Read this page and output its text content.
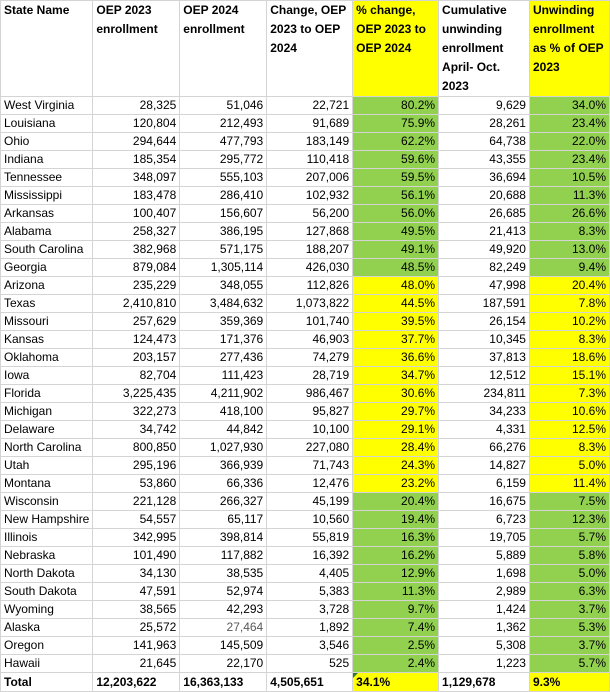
State Name	OEP 2023 enrollment	OEP 2024 enrollment	Change, OEP 2023 to OEP 2024	% change, OEP 2023 to OEP 2024	Cumulative unwinding enrollment April- Oct. 2023	Unwinding enrollment as % of OEP 2023
West Virginia	28,325	51,046	22,721	80.2%	9,629	34.0%
Louisiana	120,804	212,493	91,689	75.9%	28,261	23.4%
Ohio	294,644	477,793	183,149	62.2%	64,738	22.0%
Indiana	185,354	295,772	110,418	59.6%	43,355	23.4%
Tennessee	348,097	555,103	207,006	59.5%	36,694	10.5%
Mississippi	183,478	286,410	102,932	56.1%	20,688	11.3%
Arkansas	100,407	156,607	56,200	56.0%	26,685	26.6%
Alabama	258,327	386,195	127,868	49.5%	21,413	8.3%
South Carolina	382,968	571,175	188,207	49.1%	49,920	13.0%
Georgia	879,084	1,305,114	426,030	48.5%	82,249	9.4%
Arizona	235,229	348,055	112,826	48.0%	47,998	20.4%
Texas	2,410,810	3,484,632	1,073,822	44.5%	187,591	7.8%
Missouri	257,629	359,369	101,740	39.5%	26,154	10.2%
Kansas	124,473	171,376	46,903	37.7%	10,345	8.3%
Oklahoma	203,157	277,436	74,279	36.6%	37,813	18.6%
Iowa	82,704	111,423	28,719	34.7%	12,512	15.1%
Florida	3,225,435	4,211,902	986,467	30.6%	234,811	7.3%
Michigan	322,273	418,100	95,827	29.7%	34,233	10.6%
Delaware	34,742	44,842	10,100	29.1%	4,331	12.5%
North Carolina	800,850	1,027,930	227,080	28.4%	66,276	8.3%
Utah	295,196	366,939	71,743	24.3%	14,827	5.0%
Montana	53,860	66,336	12,476	23.2%	6,159	11.4%
Wisconsin	221,128	266,327	45,199	20.4%	16,675	7.5%
New Hampshire	54,557	65,117	10,560	19.4%	6,723	12.3%
Illinois	342,995	398,814	55,819	16.3%	19,705	5.7%
Nebraska	101,490	117,882	16,392	16.2%	5,889	5.8%
North Dakota	34,130	38,535	4,405	12.9%	1,698	5.0%
South Dakota	47,591	52,974	5,383	11.3%	2,989	6.3%
Wyoming	38,565	42,293	3,728	9.7%	1,424	3.7%
Alaska	25,572	27,464	1,892	7.4%	1,362	5.3%
Oregon	141,963	145,509	3,546	2.5%	5,308	3.7%
Hawaii	21,645	22,170	525	2.4%	1,223	5.7%
Total	12,203,622	16,363,133	4,505,651	34.1%	1,129,678	9.3%
